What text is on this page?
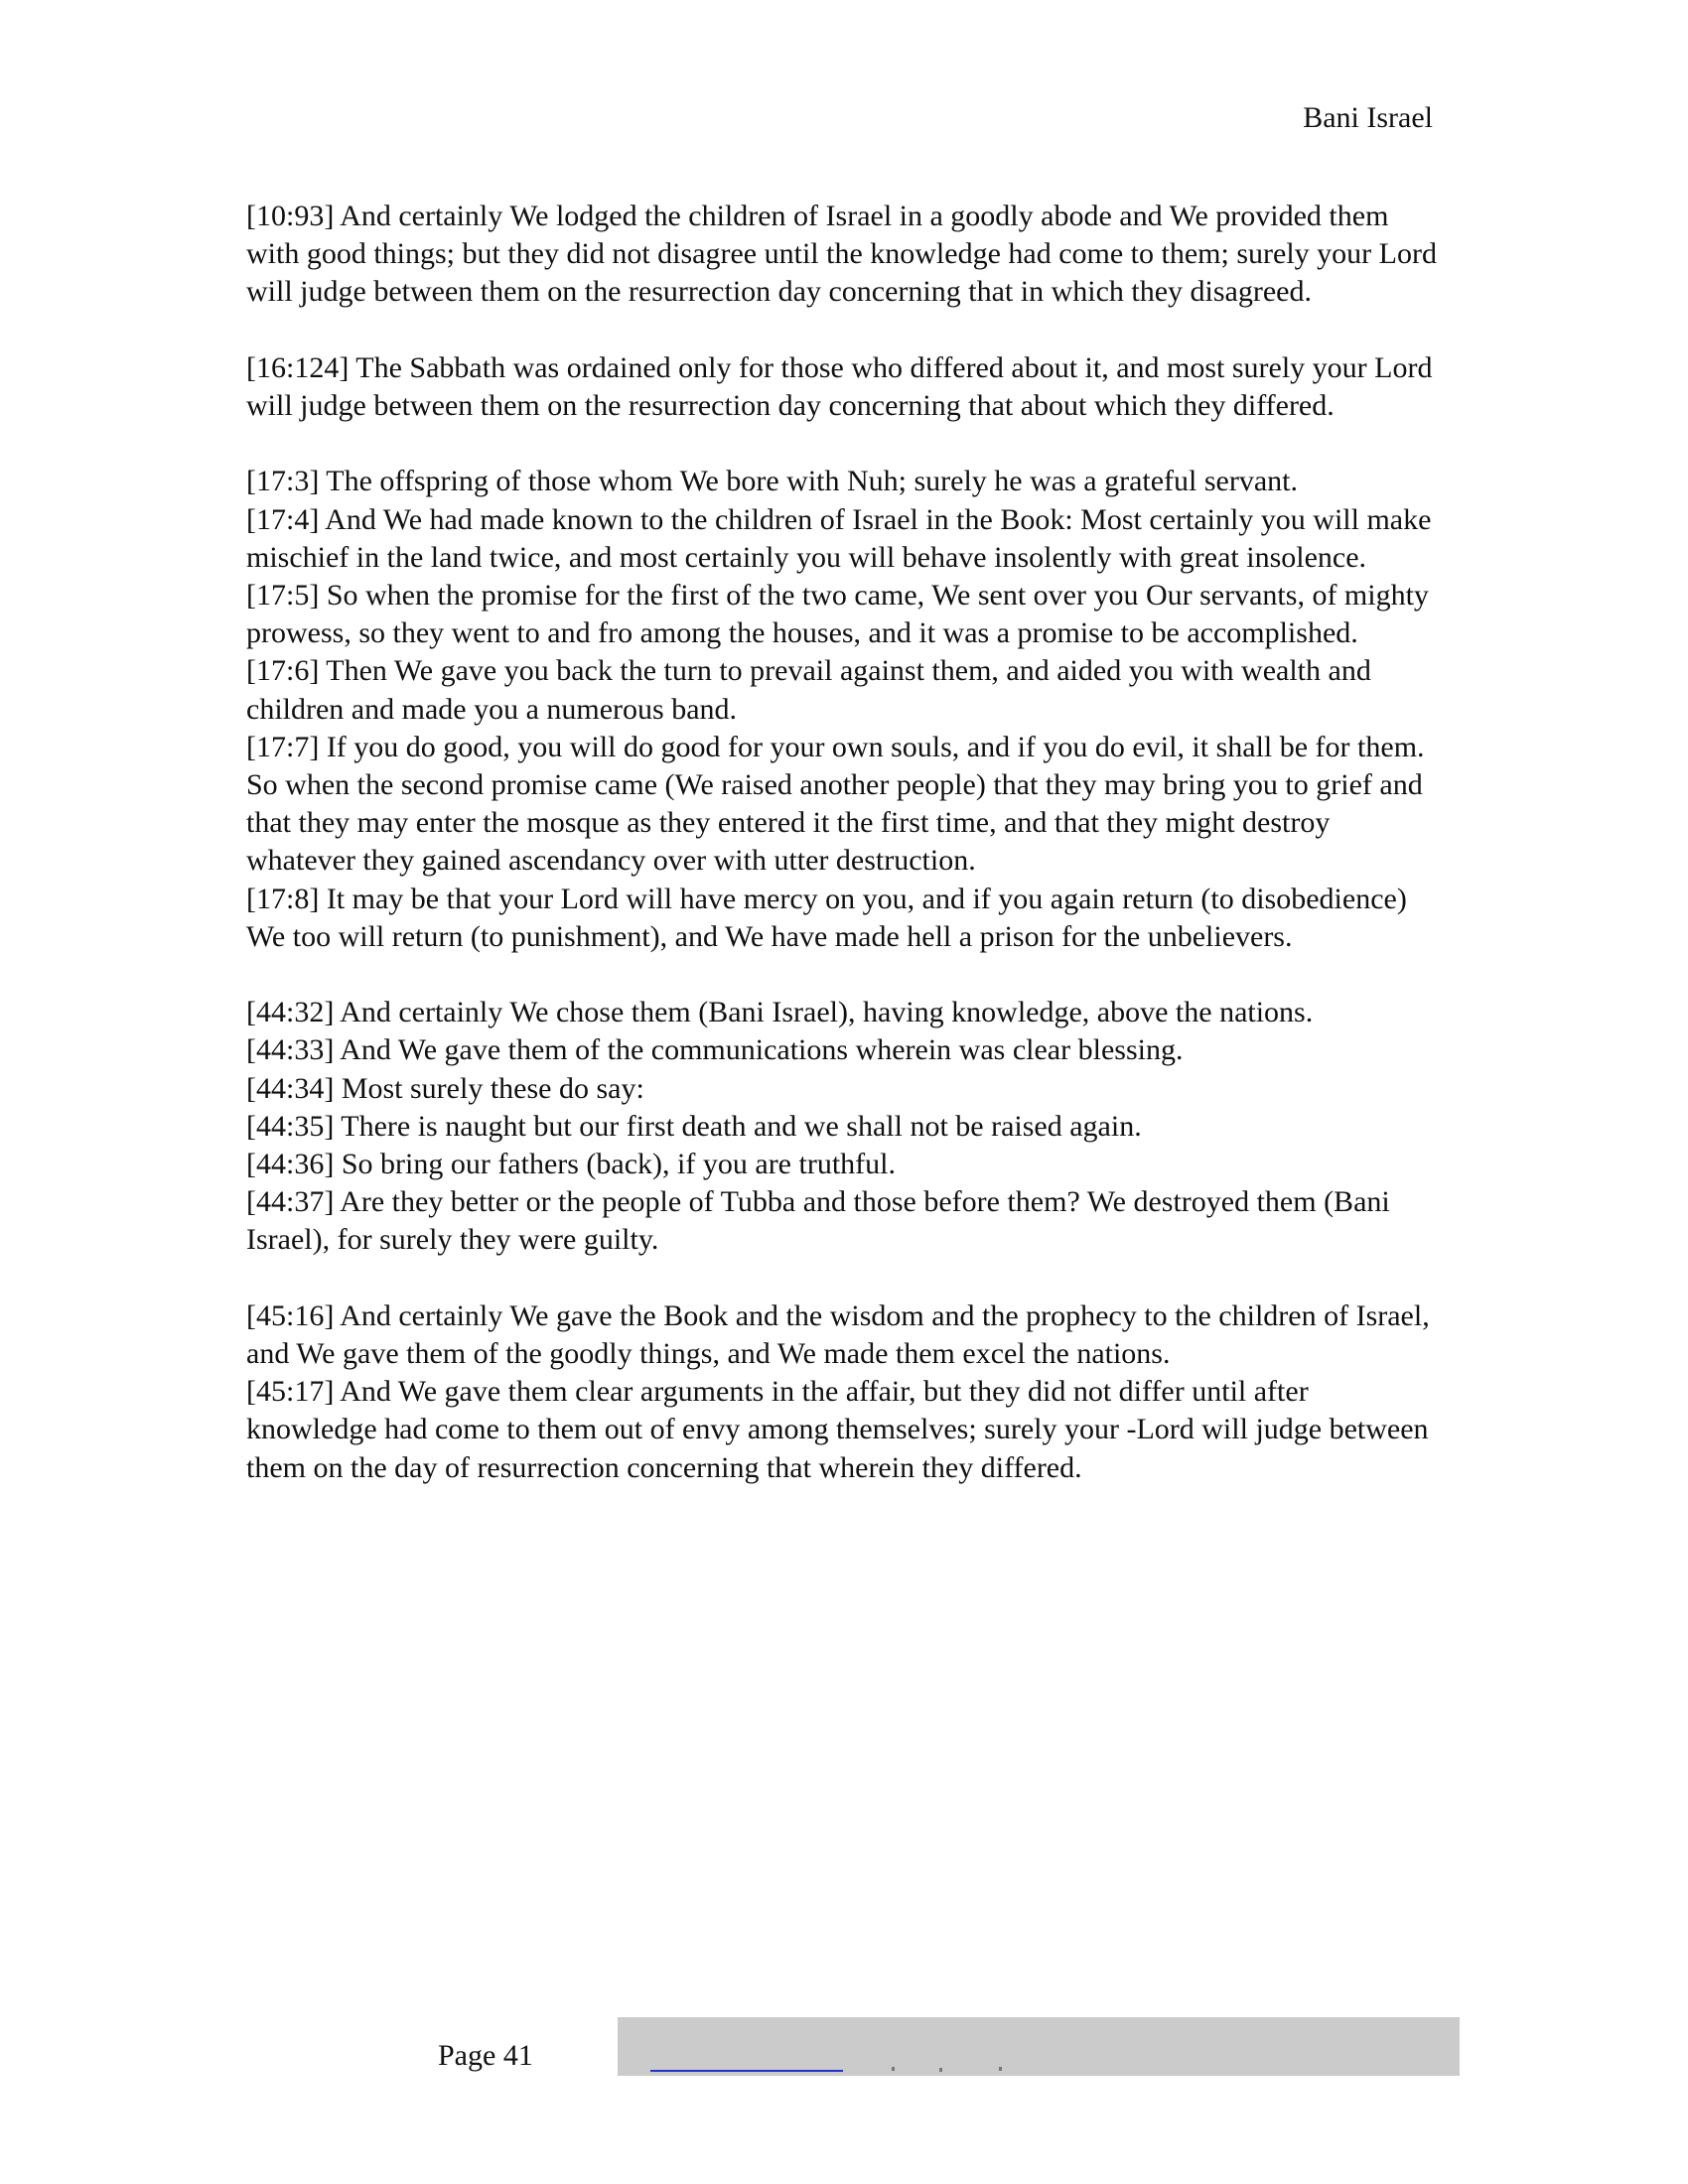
Bani Israel

[10:93] And certainly We lodged the children of Israel in a goodly abode and We provided them with good things; but they did not disagree until the knowledge had come to them; surely your Lord will judge between them on the resurrection day concerning that in which they disagreed.

[16:124] The Sabbath was ordained only for those who differed about it, and most surely your Lord will judge between them on the resurrection day concerning that about which they differed.

[17:3] The offspring of those whom We bore with Nuh; surely he was a grateful servant.

[17:4] And We had made known to the children of Israel in the Book: Most certainly you will make mischief in the land twice, and most certainly you will behave insolently with great insolence.

[17:5] So when the promise for the first of the two came, We sent over you Our servants, of mighty prowess, so they went to and fro among the houses, and it was a promise to be accomplished.

[17:6] Then We gave you back the turn to prevail against them, and aided you with wealth and children and made you a numerous band.

[17:7] If you do good, you will do good for your own souls, and if you do evil, it shall be for them. So when the second promise came (We raised another people) that they may bring you to grief and that they may enter the mosque as they entered it the first time, and that they might destroy whatever they gained ascendancy over with utter destruction.

[17:8] It may be that your Lord will have mercy on you, and if you again return (to disobedience) We too will return (to punishment), and We have made hell a prison for the unbelievers.

[44:32] And certainly We chose them (Bani Israel), having knowledge, above the nations.

[44:33] And We gave them of the communications wherein was clear blessing.

[44:34] Most surely these do say:

[44:35] There is naught but our first death and we shall not be raised again.

[44:36] So bring our fathers (back), if you are truthful.

[44:37] Are they better or the people of Tubba and those before them? We destroyed them (Bani Israel), for surely they were guilty.

[45:16] And certainly We gave the Book and the wisdom and the prophecy to the children of Israel, and We gave them of the goodly things, and We made them excel the nations.

[45:17] And We gave them clear arguments in the affair, but they did not differ until after knowledge had come to them out of envy among themselves; surely your -Lord will judge between them on the day of resurrection concerning that wherein they differed.

Page 41
